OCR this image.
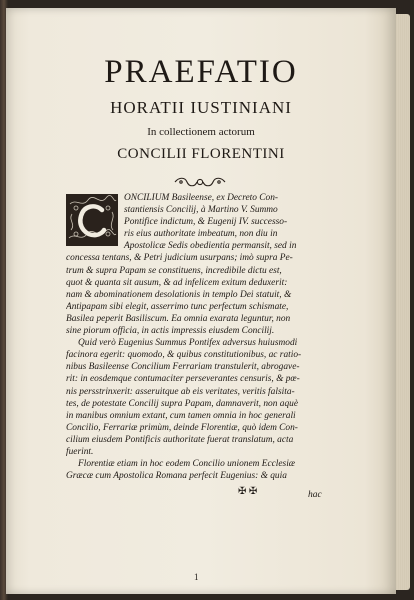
PRAEFATIO
HORATII IUSTINIANI
In collectionem actorum
CONCILII FLORENTINI
ONCILIUM Basileense, ex Decreto Con-
stantiensis Concilij, à Martino V. Summo
Pontifice indictum, & Eugenij IV. successo-
ris eius authoritate imbeatum, non diu in
Apostolicæ Sedis obedientia permansit, sed in
concessa tentans, & Petri judicium usurpans; imò supra Pe-
trum & supra Papam se constituens, incredibile dictu est,
quot & quanta sit ausum, & ad infelicem exitum deduxerit:
nam & abominationem desolationis in templo Dei statuit, &
Antipapam sibi elegit, asserrimo tunc perfectum schismate,
Basilea peperit Basiliscum. Ea omnia exarata leguntur, non
sine piorum officia, in actis impressis eiusdem Concilij.
Quid verò Eugenius Summus Pontifex adversus huiusmodi
facinora egerit: quomodo, & quibus constitutionibus, ac ratio-
nibus Basileense Concilium Ferrariam transtulerit, abrogave-
rit: in eosdemque contumaciter perseverantes censuris, & pœ-
nis persstrinxerit: asseruitque ab eis veritates, veritis falsita-
tes, de potestate Concilij supra Papam, damnaverit, non aquè
in manibus omnium extant, cum tamen omnia in hoc generali
Concilio, Ferrariæ primùm, deinde Florentiæ, quò idem Con-
cilium eiusdem Pontificis authoritate fuerat translatum, acta
fuerint.
Florentiæ etiam in hoc eodem Concilio unionem Ecclesiæ
Græcæ cum Apostolica Romana perfecit Eugenius: & quia
✠ ✠	hac
1
